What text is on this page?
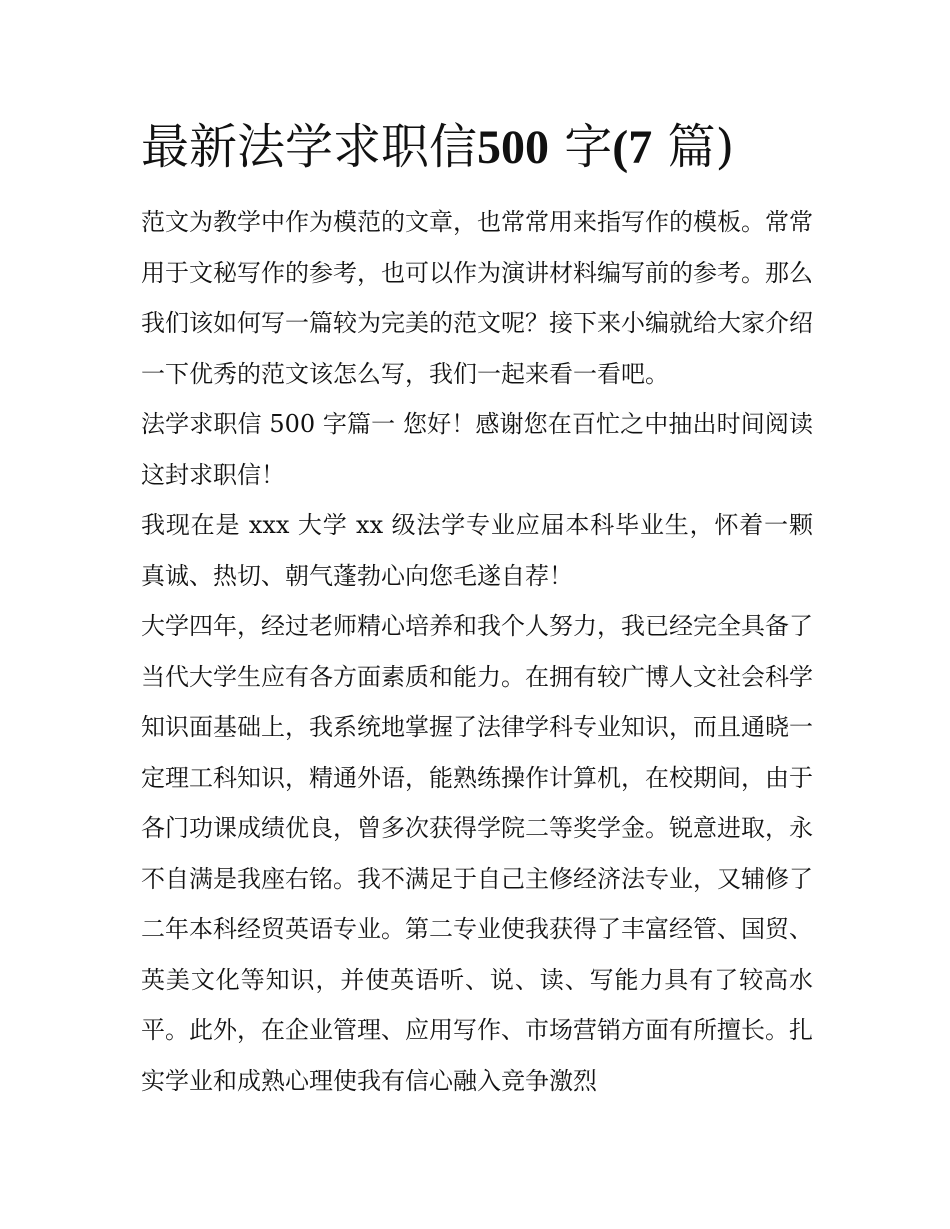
最新法学求职信500 字(7 篇)

范文为教学中作为模范的文章，也常常用来指写作的模板。常常用于文秘写作的参考，也可以作为演讲材料编写前的参考。那么我们该如何写一篇较为完美的范文呢？接下来小编就给大家介绍一下优秀的范文该怎么写，我们一起来看一看吧。

法学求职信 500 字篇一 您好！感谢您在百忙之中抽出时间阅读这封求职信！

我现在是 xxx 大学 xx 级法学专业应届本科毕业生，怀着一颗真诚、热切、朝气蓬勃心向您毛遂自荐！

大学四年，经过老师精心培养和我个人努力，我已经完全具备了当代大学生应有各方面素质和能力。在拥有较广博人文社会科学知识面基础上，我系统地掌握了法律学科专业知识，而且通晓一定理工科知识，精通外语，能熟练操作计算机，在校期间，由于各门功课成绩优良，曾多次获得学院二等奖学金。锐意进取，永不自满是我座右铭。我不满足于自己主修经济法专业，又辅修了二年本科经贸英语专业。第二专业使我获得了丰富经管、国贸、英美文化等知识，并使英语听、说、读、写能力具有了较高水平。此外，在企业管理、应用写作、市场营销方面有所擅长。扎实学业和成熟心理使我有信心融入竞争激烈
